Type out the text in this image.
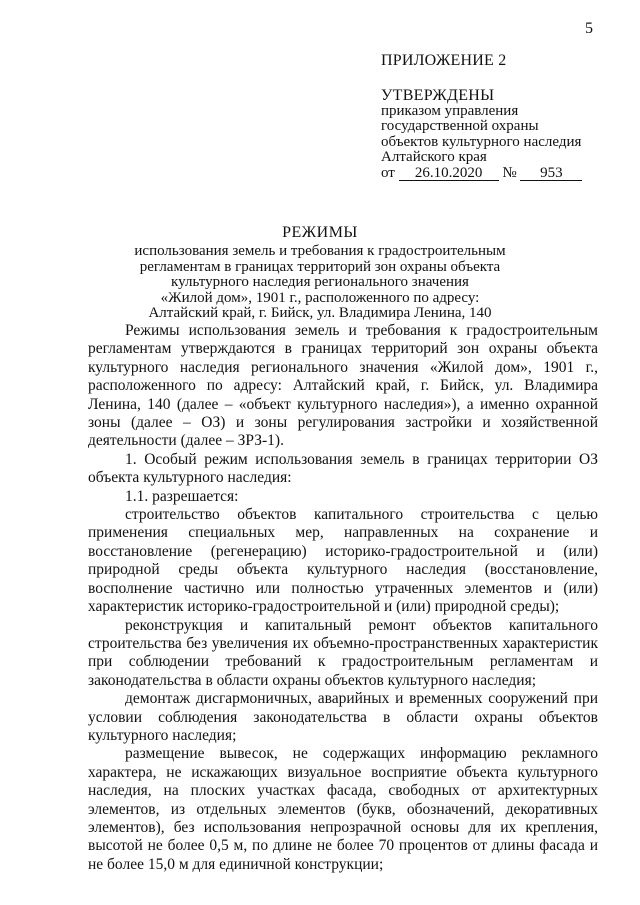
5
ПРИЛОЖЕНИЕ 2
УТВЕРЖДЕНЫ
приказом управления
государственной охраны
объектов культурного наследия
Алтайского края
от 26.10.2020 № 953
РЕЖИМЫ
использования земель и требования к градостроительным
регламентам в границах территорий зон охраны объекта
культурного наследия регионального значения
«Жилой дом», 1901 г., расположенного по адресу:
Алтайский край, г. Бийск, ул. Владимира Ленина, 140

Режимы использования земель и требования к градостроительным регламентам утверждаются в границах территорий зон охраны объекта культурного наследия регионального значения «Жилой дом», 1901 г., расположенного по адресу: Алтайский край, г. Бийск, ул. Владимира Ленина, 140 (далее – «объект культурного наследия»), а именно охранной зоны (далее – ОЗ) и зоны регулирования застройки и хозяйственной деятельности (далее – ЗРЗ-1).

1. Особый режим использования земель в границах территории ОЗ объекта культурного наследия:

1.1. разрешается:

строительство объектов капитального строительства с целью применения специальных мер, направленных на сохранение и восстановление (регенерацию) историко-градостроительной и (или) природной среды объекта культурного наследия (восстановление, восполнение частично или полностью утраченных элементов и (или) характеристик историко-градостроительной и (или) природной среды);

реконструкция и капитальный ремонт объектов капитального строительства без увеличения их объемно-пространственных характеристик при соблюдении требований к градостроительным регламентам и законодательства в области охраны объектов культурного наследия;

демонтаж дисгармоничных, аварийных и временных сооружений при условии соблюдения законодательства в области охраны объектов культурного наследия;

размещение вывесок, не содержащих информацию рекламного характера, не искажающих визуальное восприятие объекта культурного наследия, на плоских участках фасада, свободных от архитектурных элементов, из отдельных элементов (букв, обозначений, декоративных элементов), без использования непрозрачной основы для их крепления, высотой не более 0,5 м, по длине не более 70 процентов от длины фасада и не более 15,0 м для единичной конструкции;
